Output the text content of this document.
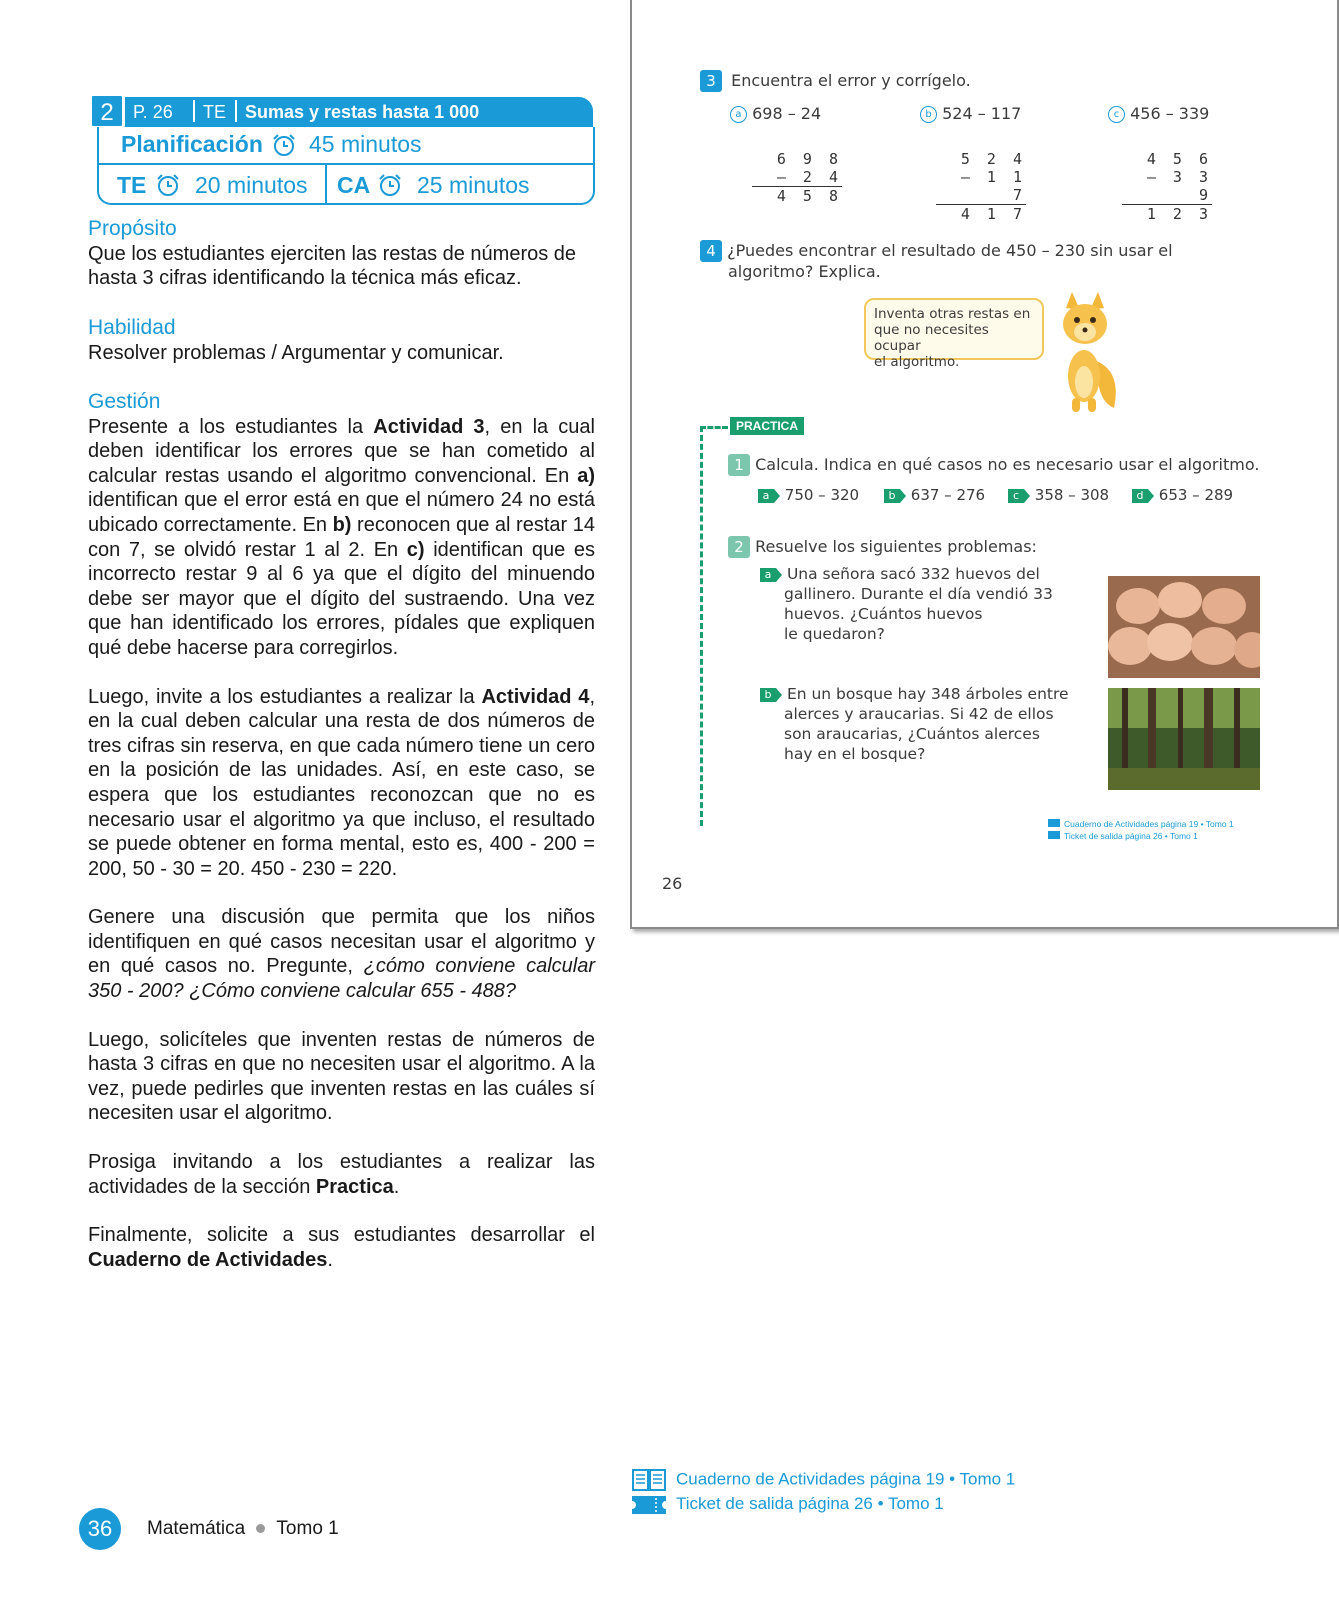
P. 26 TE Sumas y restas hasta 1 000
2
Planificación 45 minutos
TE 20 minutos CA 25 minutos
Propósito

Que los estudiantes ejerciten las restas de números de hasta 3 cifras identificando la técnica más eficaz.

Habilidad

Resolver problemas / Argumentar y comunicar.

Gestión

Presente a los estudiantes la Actividad 3, en la cual deben identificar los errores que se han cometido al calcular restas usando el algoritmo convencional. En a) identifican que el error está en que el número 24 no está ubicado correctamente. En b) reconocen que al restar 14 con 7, se olvidó restar 1 al 2. En c) identifican que es incorrecto restar 9 al 6 ya que el dígito del minuendo debe ser mayor que el dígito del sustraendo. Una vez que han identificado los errores, pídales que expliquen qué debe hacerse para corregirlos.

Luego, invite a los estudiantes a realizar la Actividad 4, en la cual deben calcular una resta de dos números de tres cifras sin reserva, en que cada número tiene un cero en la posición de las unidades. Así, en este caso, se espera que los estudiantes reconozcan que no es necesario usar el algoritmo ya que incluso, el resultado se puede obtener en forma mental, esto es, 400 - 200 = 200, 50 - 30 = 20. 450 - 230 = 220.

Genere una discusión que permita que los niños identifiquen en qué casos necesitan usar el algoritmo y en qué casos no. Pregunte, ¿cómo conviene calcular 350 - 200? ¿Cómo conviene calcular 655 - 488?

Luego, solicíteles que inventen restas de números de hasta 3 cifras en que no necesiten usar el algoritmo. A la vez, puede pedirles que inventen restas en las cuáles sí necesiten usar el algoritmo.

Prosiga invitando a los estudiantes a realizar las actividades de la sección Practica.

Finalmente, solicite a sus estudiantes desarrollar el Cuaderno de Actividades.

3 Encuentra el error y corrígelo.
a 698 – 24	b 524 – 117	c 456 – 339
6 9 8
– 2 4
4 5 8
5 2 4
– 1 1 7
4 1 7
4 5 6
– 3 3 9
1 2 3
4 ¿Puedes encontrar el resultado de 450 – 230 sin usar el
algoritmo? Explica.
Inventa otras restas en
que no necesites ocupar
el algoritmo.
PRACTICA
1 Calcula. Indica en qué casos no es necesario usar el algoritmo.
a 750 – 320	b 637 – 276	c 358 – 308	d 653 – 289
2 Resuelve los siguientes problemas:
a Una señora sacó 332 huevos del
gallinero. Durante el día vendió 33
huevos. ¿Cuántos huevos
le quedaron?
b En un bosque hay 348 árboles entre
alerces y araucarias. Si 42 de ellos
son araucarias, ¿Cuántos alerces
hay en el bosque?
Cuaderno de Actividades página 19 • Tomo 1
Ticket de salida página 26 • Tomo 1
26
Cuaderno de Actividades página 19 • Tomo 1
Ticket de salida página 26 • Tomo 1
36	Matemática Tomo 1
